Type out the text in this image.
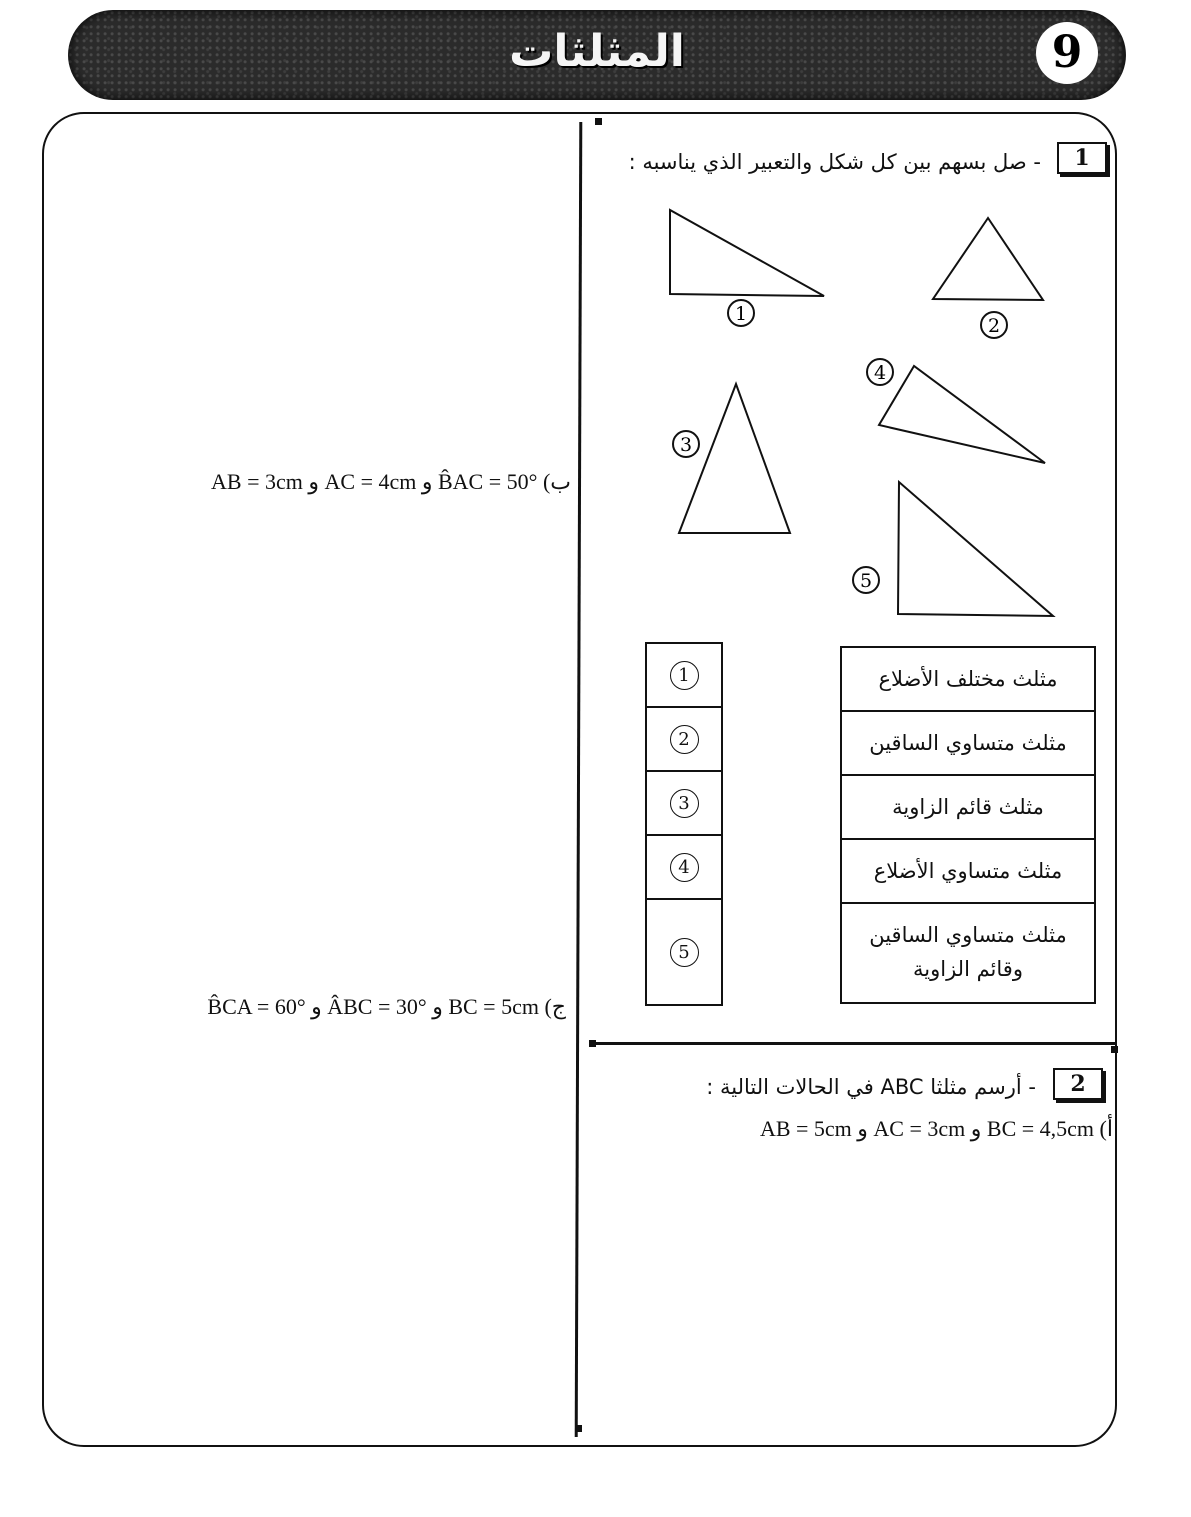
المثلثات	9
1
- صل بسهم بين كل شكل والتعبير الذي يناسبه :
1
2
3
4
5
1
2
3
4
5
مثلث مختلف الأضلاع
مثلث متساوي الساقين
مثلث قائم الزاوية
مثلث متساوي الأضلاع

مثلث متساوي الساقين
وقائم الزاوية
2
- أرسم مثلثا ABC في الحالات التالية :
أ) BC = 4,5cm و AC = 3cm و AB = 5cm
ب) B̂AC = 50° و AC = 4cm و AB = 3cm
ج) BC = 5cm و ÂBC = 30° و B̂CA = 60°
